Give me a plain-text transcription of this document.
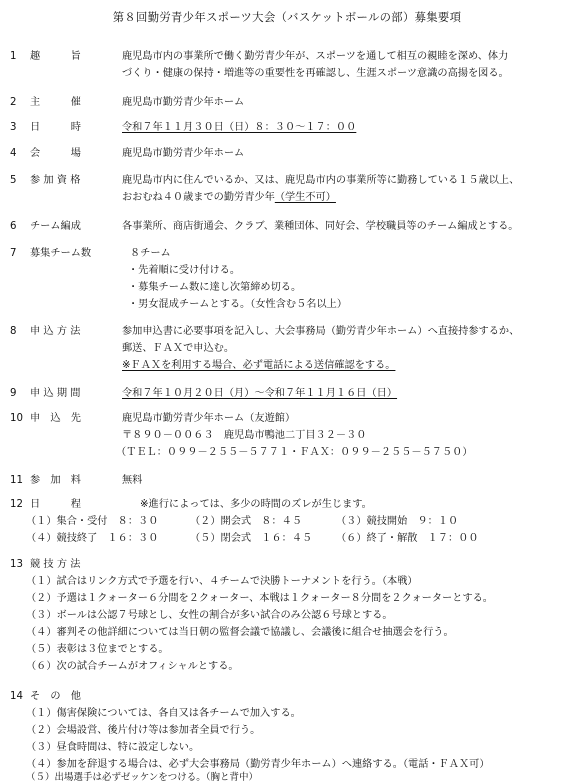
第８回勤労青少年スポーツ大会（バスケットボールの部）募集要項
1	趣　　　旨	鹿児島市内の事業所で働く勤労青少年が、スポーツを通して相互の親睦を深め、体力
づくり・健康の保持・増進等の重要性を再確認し、生涯スポーツ意識の高揚を図る。
2	主　　　催	鹿児島市勤労青少年ホーム
3	日　　　時	令和７年１１月３０日（日）８：３０～１７：００
4	会　　　場	鹿児島市勤労青少年ホーム
5	参 加 資 格	鹿児島市内に住んでいるか、又は、鹿児島市内の事業所等に勤務している１５歳以上、
おおむね４０歳までの勤労青少年（学生不可）
6	チーム編成	各事業所、商店街通会、クラブ、業種団体、同好会、学校職員等のチーム編成とする。
7	募集チーム数	８チーム
・先着順に受け付ける。
・募集チーム数に達し次第締め切る。
・男女混成チームとする。（女性含む５名以上）
8	申 込 方 法	参加申込書に必要事項を記入し、大会事務局（勤労青少年ホーム）へ直接持参するか、
郵送、ＦＡＸで申込む。
※ＦＡＸを利用する場合、必ず電話による送信確認をする。
9	申 込 期 間	令和７年１０月２０日（月）～令和７年１１月１６日（日）
10 申　込　先	鹿児島市勤労青少年ホーム（友遊館）
〒８９０－００６３　鹿児島市鴨池二丁目３２－３０
（ＴＥＬ：０９９－２５５－５７７１・ＦＡＸ：０９９－２５５－５７５０）
11 参　加　料	無料
12 日　　　程	※進行によっては、多少の時間のズレが生じます。
（１）集合・受付　８：３０	（２）開会式　８：４５	（３）競技開始　９：１０
（４）競技終了　１６：３０	（５）閉会式　１６：４５ （６）終了・解散　１７：００
13 競 技 方 法
（１）試合はリンク方式で予選を行い、４チームで決勝トーナメントを行う。（本戦）
（２）予選は１クォーター６分間を２クォーター、本戦は１クォーター８分間を２クォーターとする。
（３）ボールは公認７号球とし、女性の割合が多い試合のみ公認６号球とする。
（４）審判その他詳細については当日朝の監督会議で協議し、会議後に組合せ抽選会を行う。
（５）表彰は３位までとする。
（６）次の試合チームがオフィシャルとする。
14 そ　の　他
（１）傷害保険については、各自又は各チームで加入する。
（２）会場設営、後片付け等は参加者全員で行う。
（３）昼食時間は、特に設定しない。
（４）参加を辞退する場合は、必ず大会事務局（勤労青少年ホーム）へ連絡する。（電話・ＦＡＸ可）
（５）出場選手は必ずゼッケンをつける。（胸と背中）
